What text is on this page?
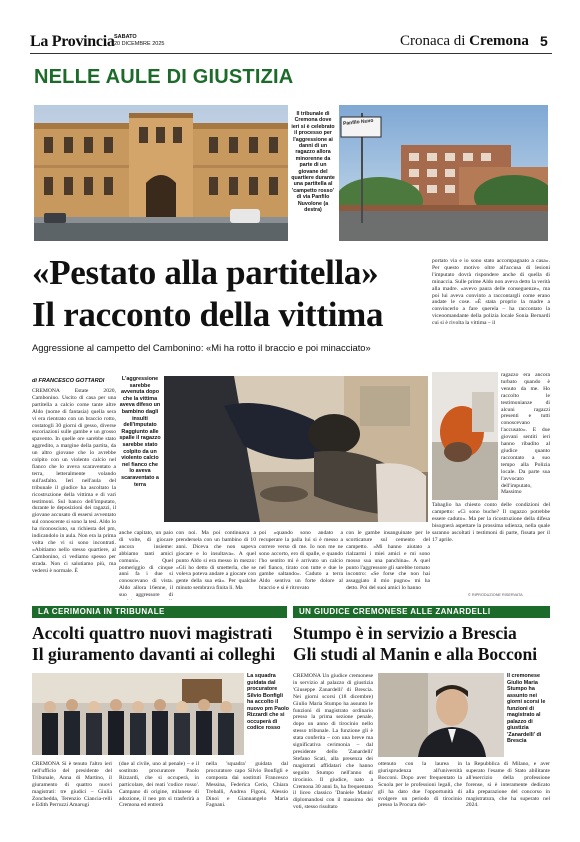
La Provincia SABATO
20 DICEMBRE 2025	Cronaca di Cremona 5
NELLE AULE DI GIUSTIZIA
Il tribunale di Cremona dove ieri si è celebrato il processo per l'aggressione ai danni di un ragazzo allora minorenne da parte di un giovane del quartiere durante una partitella al 'campetto rosso' di via Panfilo Nuvolone (a destra)
Panfilo Nuvo
«Pestato alla partitella»
Il racconto della vittima
Aggressione al campetto del Cambonino: «Mi ha rotto il braccio e poi minacciato»
di FRANCESCO GOTTARDI
CREMONA Estate 2020, Cambonino. Uscito di casa per una partitella a calcio come tante altre Aldo (nome di fantasia) quella sera vi era rientrato con un braccio rotto, costatogli 30 giorni di gesso, diverse escoriazioni sulle gambe e un grosso spavento. In quelle ore sarebbe stato aggredito, a margine della partita, da un altro giovane che lo avrebbe colpito con un violento calcio nel fianco che lo aveva scaraventato a terra, letteralmente volando sull'asfalto. Ieri nell'aula del tribunale il giudice ha ascoltato la ricostruzione della vittima e di vari testimoni. Sul banco dell'imputato, durante le deposizioni dei ragazzi, il giovane accusato di essersi avventato sul conoscente si sono la tesi. Aldo lo ha riconosciuto, su richiesta del pm, indicandolo in aula. Non era la prima volta che vi si sono incontrati. «Abitiamo nello stesso quartiere, al Cambonino, ci vediamo spesso per strada. Non ci salutiamo più, ma vedersi è normale. È
L'aggressione sarebbe avvenuta dopo che la vittima aveva difeso un bambino dagli insulti dell'imputato Raggiunto alle spalle il ragazzo sarebbe stato colpito da un violento calcio nel fianco che lo aveva scaraventato a terra
anche capitato, un paio di volte, di giocare ancora insieme: abbiamo tanti amici comuni». Quel pomeriggio di cinque anni fa i due si conoscevano di vista. Aldo allora 16enne, il suo aggressore di
con noi. Ma poi continuava a prendersela con un bambino di 10 anni. Diceva che non sapeva giocare e lo insultava». A quel punto Aldo si era messo in mezzo: «Gli ho detto di smetterla, che se voleva poteva andare a giocare con gente della sua età». Per qualche minuto sembrava finita lì. Ma
poi «quando sono andato a recuperare la palla lui si è messo a correre verso di me. Io non me ne sono accorto, ero di spalle, e quando l'ho sentito mi è arrivato un calcio nel fianco, tirato con tutte e due le gambe saltando». Caduto a terra Aldo sentiva un forte dolore al braccio e si è ritrovato
con le gambe insanguinate per le scorticature sul cemento del campetto. «Mi hanno aiutato a rialzarmi i miei amici e mi sono mosso sua una panchina». A quel punto l'aggressore gli sarebbe tornato incontro: «Se forse che non hai assaggiato il mio pugno» mi ha detto. Poi del suoi amici lo hanno
portato via e io sono stato accompagnato a casa». Per questo motivo oltre all'accusa di lesioni l'imputato dovrà rispondere anche di quella di minaccia. Sulle prime Aldo non aveva detto la verità alla madre. «avevo paura delle conseguenze», ma poi lui aveva convinto a raccontargli come erano andate le cose. «È stata proprio la madre a convincerlo a fare querela – ha raccontato la viceoomandante della polizia locale Sonia Bernardi cui si è rivolta la vittima – il
ragazzo era ancora turbato quando è venuto da me. Ho raccolto le testimonianze di alcuni ragazzi presenti e tutti conoscevano l'accusato». E due giovani sentiti ieri hanno ribadito al giudice quanto raccontato a suo tempo alla Polizia locale. Da parte sua l'avvocato dell'imputato, Massimo
Tabaglio ha chiesto conto delle condizioni del campetto: «Ci sono buche? Il ragazzo potrebbe essere caduto». Ma per la ricostruzione della difesa bisognerà aspettare la prossima udienza, nella quale saranno ascoltati i testimoni di parte, fissata per il 17 aprile.
© RIPRODUZIONE RISERVATA
LA CERIMONIA IN TRIBUNALE
Accolti quattro nuovi magistrati
Il giuramento davanti ai colleghi
La squadra guidata dal procuratore Silvio Bonfigli ha accolto il nuovo pm Paolo Rizzardi che si occuperà di codice rosso
CREMONA Si è tenuto l'altro ieri nell'ufficio del presidente del Tribunale, Anna di Martino, il giuramento di quattro nuovi magistrati: tre giudici – Giulia Zonchedda, Terenzio Ciancia-relli e Edith Perruzzi Amarugi
(due al civile, uno al penale) – e il sostituto procuratore Paolo Rizzardi, che si occuperà, in particolare, dei reati 'codice rosso'. Campano di origine, milanese di adozione, il neo pm si trasferirà a Cremona ed entrerà
nella 'squadra' guidata dal procuratore capo Silvio Bonfigli e composta dai sostituti Francesco Messina, Federica Cerio, Chiara Treballi, Andrea Figoni, Alessio Dinoi e Giannangelo Maria Fagnani.
UN GIUDICE CREMONESE ALLE ZANARDELLI
Stumpo è in servizio a Brescia
Gli studi al Manin e alla Bocconi
CREMONA Un giudice cremonese in servizio al palazzo di giustizia 'Giuseppe Zanardelli' di Brescia. Nei giorni scorsi (18 dicembre) Giulio Maria Stumpo ha assunto le funzioni di magistrato ordinario presso la prima sezione penale, dopo un anno di tirocinio nello stesso tribunale. La funzione gli è stata conferita – con una breve ma significativa cerimonia – dal presidente dello 'Zanardelli' Stefano Scati, alla presenza dei magistrati affidatari che hanno seguito Stumpo nell'anno di tirocinio. Il giudice, nato a Cremona 30 anni fa, ha frequentato il liceo classico 'Daniele Manin' diplomandosi con il massimo dei voti, stesso risultato
Il cremonese Giulio Maria Stumpo ha assunto nei giorni scorsi le funzioni di magistrato al palazzo di giustizia 'Zanardelli' di Brescia
ottenuto con la laurea in giurisprudenza all'università Bocconi. Dopo aver frequentato la Scuola per le professioni legali, che gli ha dato due l'opportunità di svolgere un periodo di tirocinio presso la Procura del-
la Repubblica di Milano, e aver superato l'esame di Stato abilitante all'esercizio della professione forense, si è interamente dedicato alla preparazione del concorso in magistratura, che ha superato nel 2024.
